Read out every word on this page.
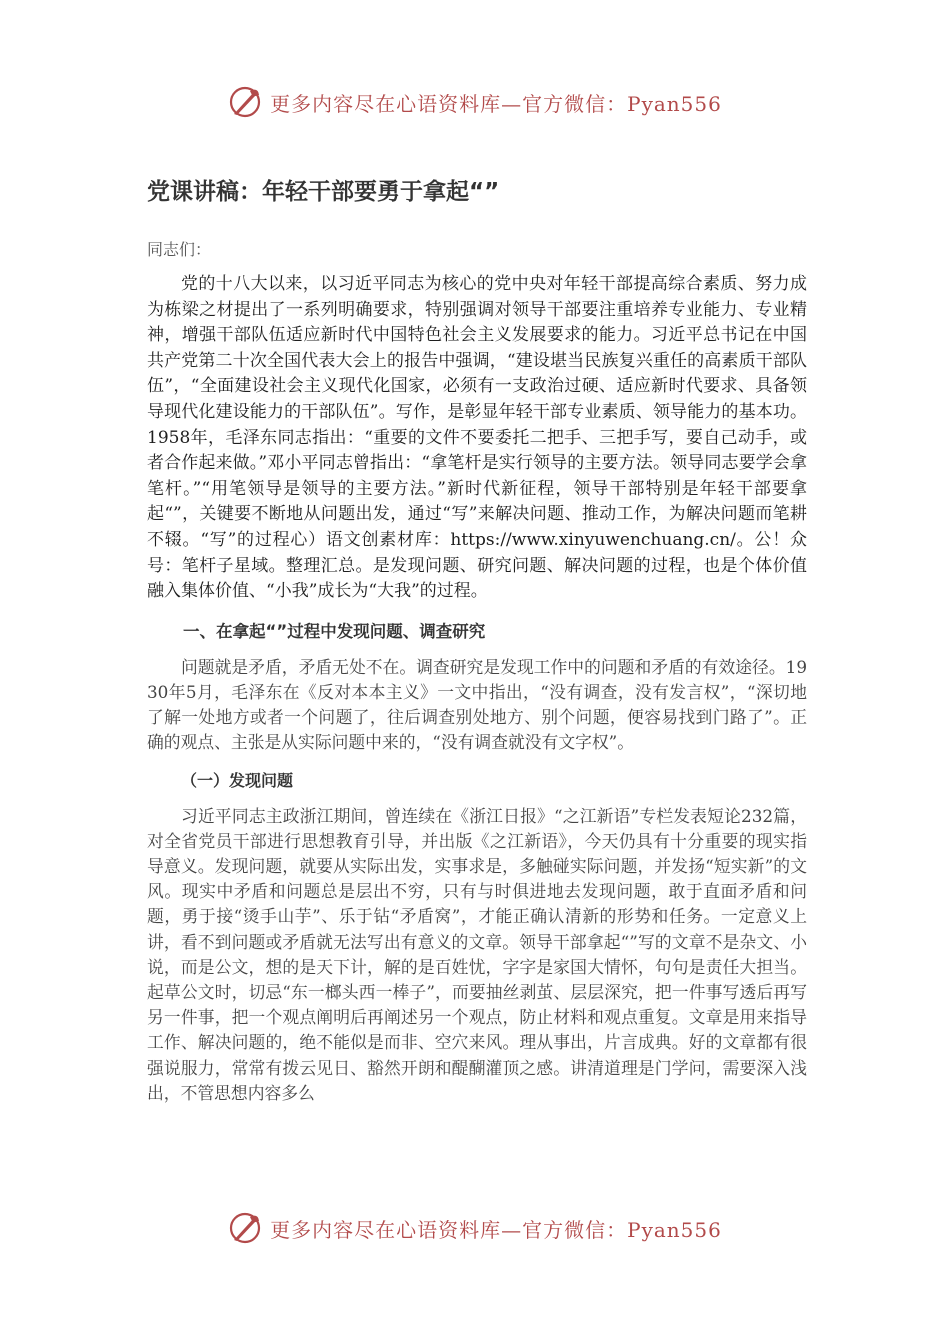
更多内容尽在心语资料库—官方微信：Pyan556
党课讲稿：年轻干部要勇于拿起“”

同志们：

党的十八大以来，以习近平同志为核心的党中央对年轻干部提高综合素质、努力成为栋梁之材提出了一系列明确要求，特别强调对领导干部要注重培养专业能力、专业精神，增强干部队伍适应新时代中国特色社会主义发展要求的能力。习近平总书记在中国共产党第二十次全国代表大会上的报告中强调，“建设堪当民族复兴重任的高素质干部队伍”，“全面建设社会主义现代化国家，必须有一支政治过硬、适应新时代要求、具备领导现代化建设能力的干部队伍”。写作，是彰显年轻干部专业素质、领导能力的基本功。1958年，毛泽东同志指出：“重要的文件不要委托二把手、三把手写，要自己动手，或者合作起来做。”邓小平同志曾指出：“拿笔杆是实行领导的主要方法。领导同志要学会拿笔杆。”“用笔领导是领导的主要方法。”新时代新征程，领导干部特别是年轻干部要拿起“”，关键要不断地从问题出发，通过“写”来解决问题、推动工作，为解决问题而笔耕不辍。“写”的过程心）语文创素材库：https://www.xinyuwenchuang.cn/。公！众号：笔杆子星域。整理汇总。是发现问题、研究问题、解决问题的过程，也是个体价值融入集体价值、“小我”成长为“大我”的过程。

一、在拿起“”过程中发现问题、调查研究

问题就是矛盾，矛盾无处不在。调查研究是发现工作中的问题和矛盾的有效途径。1930年5月，毛泽东在《反对本本主义》一文中指出，“没有调查，没有发言权”，“深切地了解一处地方或者一个问题了，往后调查别处地方、别个问题，便容易找到门路了”。正确的观点、主张是从实际问题中来的，“没有调查就没有文字权”。

（一）发现问题

习近平同志主政浙江期间，曾连续在《浙江日报》“之江新语”专栏发表短论232篇，对全省党员干部进行思想教育引导，并出版《之江新语》，今天仍具有十分重要的现实指导意义。发现问题，就要从实际出发，实事求是，多触碰实际问题，并发扬“短实新”的文风。现实中矛盾和问题总是层出不穷，只有与时俱进地去发现问题，敢于直面矛盾和问题，勇于接“烫手山芋”、乐于钻“矛盾窝”，才能正确认清新的形势和任务。一定意义上讲，看不到问题或矛盾就无法写出有意义的文章。领导干部拿起“”写的文章不是杂文、小说，而是公文，想的是天下计，解的是百姓忧，字字是家国大情怀，句句是责任大担当。起草公文时，切忌“东一榔头西一棒子”，而要抽丝剥茧、层层深究，把一件事写透后再写另一件事，把一个观点阐明后再阐述另一个观点，防止材料和观点重复。文章是用来指导工作、解决问题的，绝不能似是而非、空穴来风。理从事出，片言成典。好的文章都有很强说服力，常常有拨云见日、豁然开朗和醍醐灌顶之感。讲清道理是门学问，需要深入浅出，不管思想内容多么

更多内容尽在心语资料库—官方微信：Pyan556
